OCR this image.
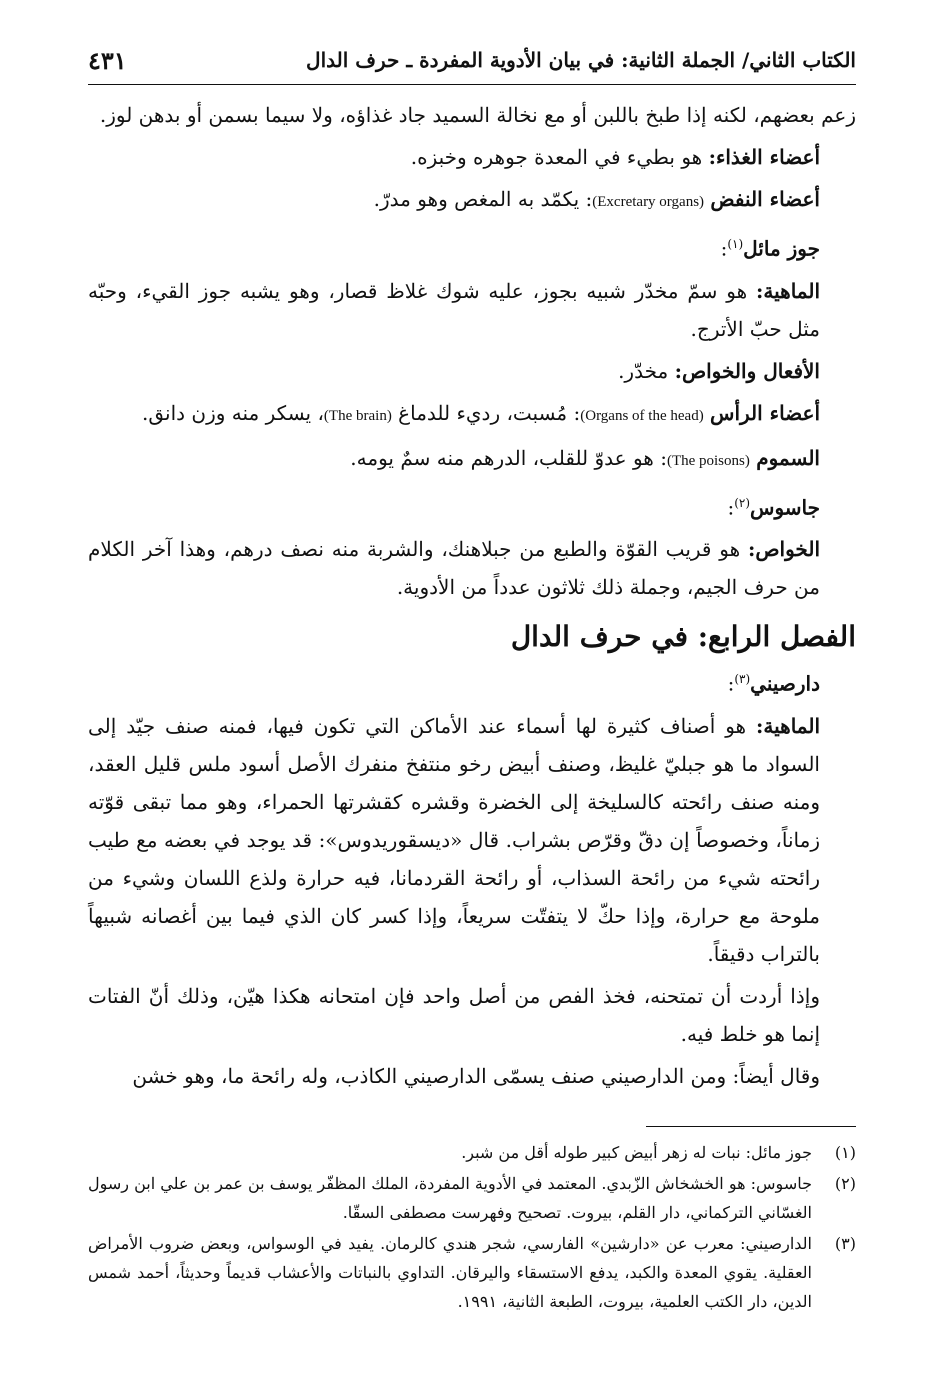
الكتاب الثاني/ الجملة الثانية: في بيان الأدوية المفردة ـ حرف الدال
٤٣١

زعم بعضهم، لكنه إذا طبخ باللبن أو مع نخالة السميد جاد غذاؤه، ولا سيما بسمن أو بدهن لوز.

أعضاء الغذاء: هو بطيء في المعدة جوهره وخبزه.

أعضاء النفض (Excretary organs): يكمّد به المغص وهو مدرّ.

جوز مائل$^{(١)}$:

الماهية: هو سمّ مخدّر شبيه بجوز، عليه شوك غلاظ قصار، وهو يشبه جوز القيء، وحبّه مثل حبّ الأترج.

الأفعال والخواص: مخدّر.

أعضاء الرأس (Organs of the head): مُسبت، رديء للدماغ (The brain)، يسكر منه وزن دانق.

السموم (The poisons): هو عدوّ للقلب، الدرهم منه سمٌ يومه.

جاسوس$^{(٢)}$:

الخواص: هو قريب القوّة والطبع من جبلاهنك، والشربة منه نصف درهم، وهذا آخر الكلام من حرف الجيم، وجملة ذلك ثلاثون عدداً من الأدوية.

الفصل الرابع: في حرف الدال

دارصيني$^{(٣)}$:

الماهية: هو أصناف كثيرة لها أسماء عند الأماكن التي تكون فيها، فمنه صنف جيّد إلى السواد ما هو جبليّ غليظ، وصنف أبيض رخو منتفخ منفرك الأصل أسود ملس قليل العقد، ومنه صنف رائحته كالسليخة إلى الخضرة وقشره كقشرتها الحمراء، وهو مما تبقى قوّته زماناً، وخصوصاً إن دقّ وقرّص بشراب. قال «ديسقوريدوس»: قد يوجد في بعضه مع طيب رائحته شيء من رائحة السذاب، أو رائحة القردمانا، فيه حرارة ولذع اللسان وشيء من ملوحة مع حرارة، وإذا حكّ لا يتفتّت سريعاً، وإذا كسر كان الذي فيما بين أغصانه شبيهاً بالتراب دقيقاً.

وإذا أردت أن تمتحنه، فخذ الفص من أصل واحد فإن امتحانه هكذا هيّن، وذلك أنّ الفتات إنما هو خلط فيه.

وقال أيضاً: ومن الدارصيني صنف يسمّى الدارصيني الكاذب، وله رائحة ما، وهو خشن

(١)
جوز مائل: نبات له زهر أبيض كبير طوله أقل من شبر.
(٢)
جاسوس: هو الخشخاش الزّبدي. المعتمد في الأدوية المفردة، الملك المظفّر يوسف بن عمر بن علي ابن رسول الغسّاني التركماني، دار القلم، بيروت. تصحيح وفهرست مصطفى السقّا.
(٣)
الدارصيني: معرب عن «دارشين» الفارسي، شجر هندي كالرمان. يفيد في الوسواس، وبعض ضروب الأمراض العقلية. يقوي المعدة والكبد، يدفع الاستسقاء واليرقان. التداوي بالنباتات والأعشاب قديماً وحديثاً، أحمد شمس الدين، دار الكتب العلمية، بيروت، الطبعة الثانية، ١٩٩١.
